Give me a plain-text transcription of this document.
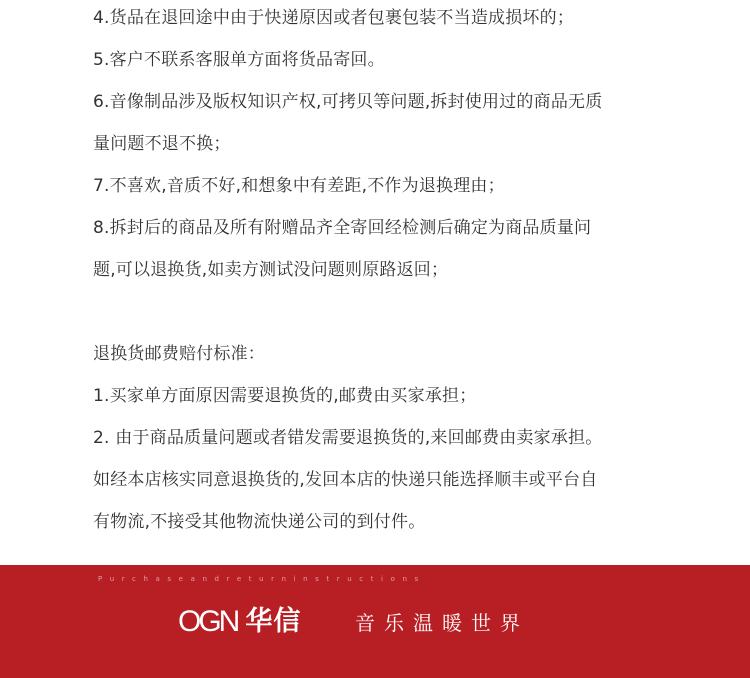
4.货品在退回途中由于快递原因或者包裹包装不当造成损坏的；
5.客户不联系客服单方面将货品寄回。
6.音像制品涉及版权知识产权,可拷贝等问题,拆封使用过的商品无质
量问题不退不换；
7.不喜欢,音质不好,和想象中有差距,不作为退换理由；
8.拆封后的商品及所有附赠品齐全寄回经检测后确定为商品质量问
题,可以退换货,如卖方测试没问题则原路返回；
退换货邮费赔付标准：
1.买家单方面原因需要退换货的,邮费由买家承担；
2. 由于商品质量问题或者错发需要退换货的,来回邮费由卖家承担。
如经本店核实同意退换货的,发回本店的快递只能选择顺丰或平台自
有物流,不接受其他物流快递公司的到付件。
Purchaseandreturninstructions
OGN 华信	音乐温暖世界
